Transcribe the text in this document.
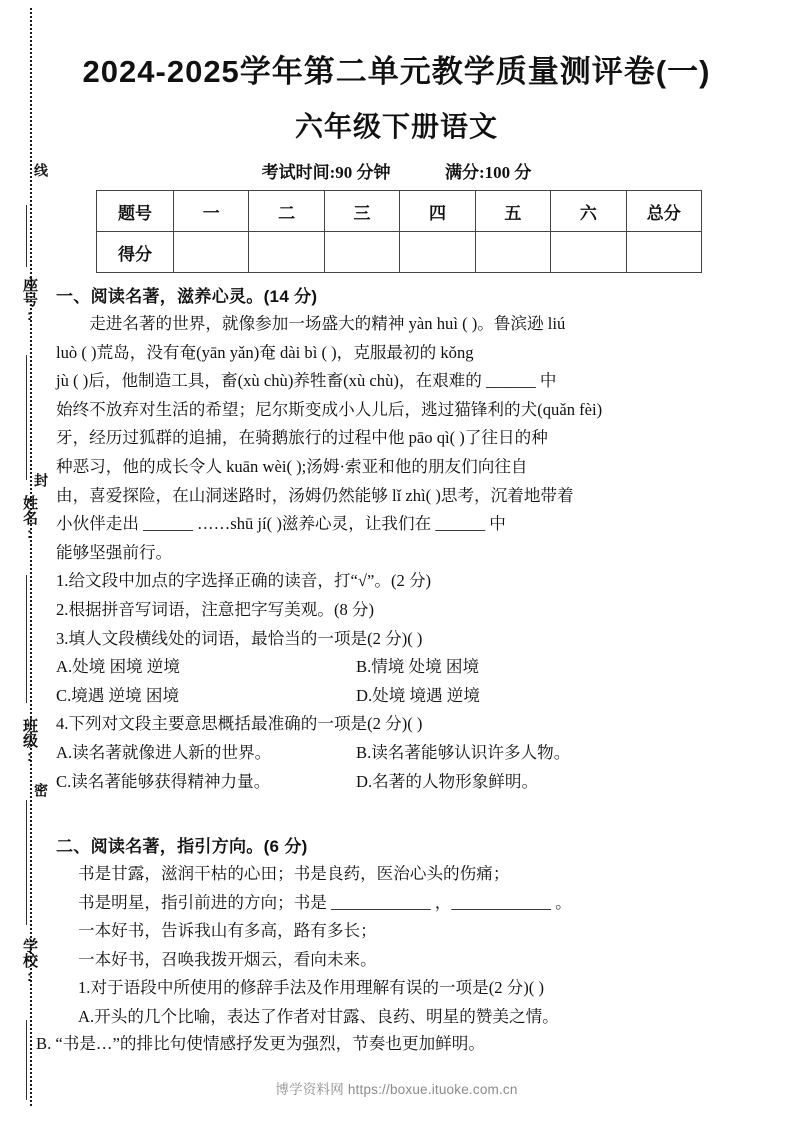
线
封
密
座号:
姓名:
班级:
学校:
2024-2025学年第二单元教学质量测评卷(一)
六年级下册语文
考试时间:90 分钟	满分:100 分
题号	一	二	三	四	五	六	总分
得分							

一、阅读名著，滋养心灵。(14 分)

走进名著的世界，就像参加一场盛大的精神 yàn huì ( )。鲁滨逊 liú

luò ( )荒岛，没有奄(yān yǎn)奄 dài bì ( )，克服最初的 kǒng

jù ( )后，他制造工具，畜(xù chù)养牲畜(xù chù)，在艰难的 ______ 中

始终不放弃对生活的希望；尼尔斯变成小人儿后，逃过猫锋利的犬(quǎn fèi)

牙，经历过狐群的追捕，在骑鹅旅行的过程中他 pāo qì( )了往日的种

种恶习，他的成长令人 kuān wèi( );汤姆·索亚和他的朋友们向往自

由，喜爱探险，在山洞迷路时，汤姆仍然能够 lǐ zhì( )思考，沉着地带着

小伙伴走出 ______ ……shū jí( )滋养心灵，让我们在 ______ 中

能够坚强前行。

1.给文段中加点的字选择正确的读音，打“√”。(2 分)

2.根据拼音写词语，注意把字写美观。(8 分)

3.填人文段横线处的词语，最恰当的一项是(2 分)( )

A.处境 困境 逆境	B.情境 处境 困境

C.境遇 逆境 困境	D.处境 境遇 逆境

4.下列对文段主要意思概括最准确的一项是(2 分)( )

A.读名著就像进人新的世界。	B.读名著能够认识许多人物。

C.读名著能够获得精神力量。	D.名著的人物形象鲜明。

二、阅读名著，指引方向。(6 分)

书是甘露，滋润干枯的心田；书是良药，医治心头的伤痛；

书是明星，指引前进的方向；书是 ____________ ，____________ 。

一本好书，告诉我山有多高，路有多长；

一本好书，召唤我拨开烟云，看向未来。

1.对于语段中所使用的修辞手法及作用理解有误的一项是(2 分)( )

A.开头的几个比喻，表达了作者对甘露、良药、明星的赞美之情。

B. “书是…”的排比句使情感抒发更为强烈，节奏也更加鲜明。

博学资料网 https://boxue.ituoke.com.cn
